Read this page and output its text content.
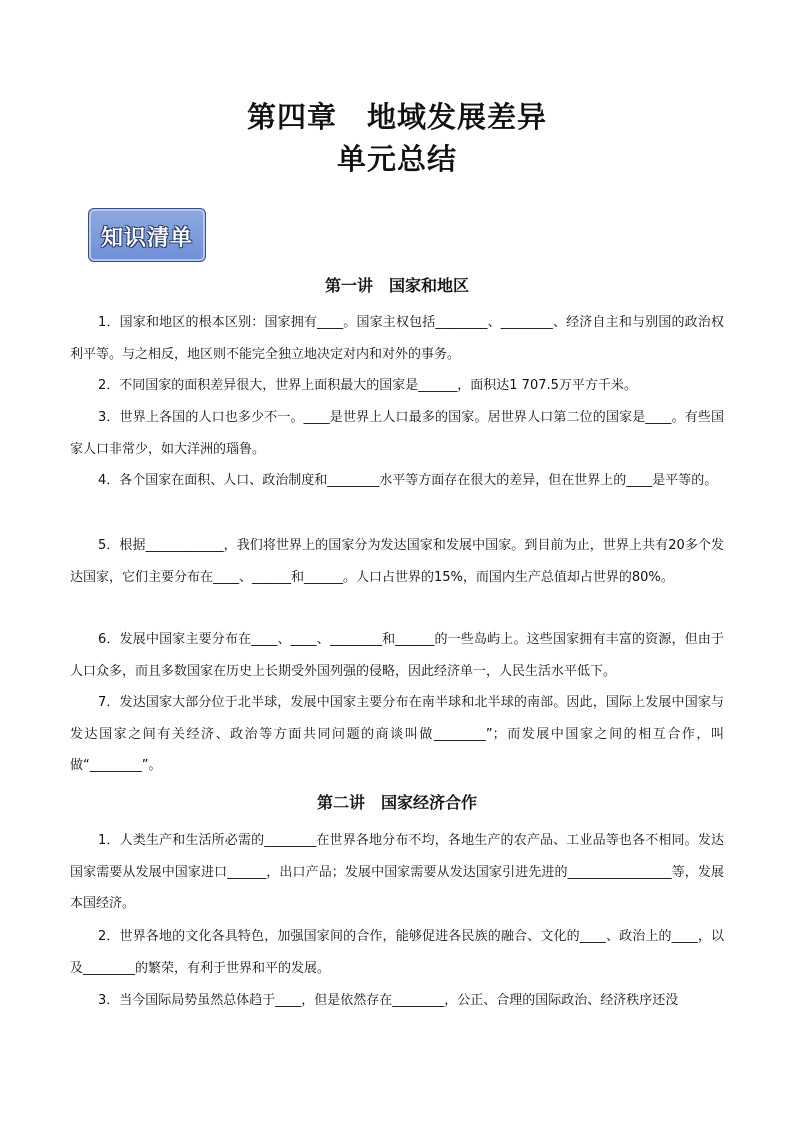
第四章　地域发展差异
单元总结
知识清单
第一讲　国家和地区
1．国家和地区的根本区别：国家拥有____。国家主权包括________、________、经济自主和与别国的政治权利平等。与之相反，地区则不能完全独立地决定对内和对外的事务。
2．不同国家的面积差异很大，世界上面积最大的国家是______，面积达1 707.5万平方千米。
3．世界上各国的人口也多少不一。____是世界上人口最多的国家。居世界人口第二位的国家是____。有些国家人口非常少，如大洋洲的瑙鲁。
4．各个国家在面积、人口、政治制度和________水平等方面存在很大的差异，但在世界上的____是平等的。
5．根据____________，我们将世界上的国家分为发达国家和发展中国家。到目前为止，世界上共有20多个发达国家，它们主要分布在____、______和______。人口占世界的15%，而国内生产总值却占世界的80%。
6．发展中国家主要分布在____、____、________和______的一些岛屿上。这些国家拥有丰富的资源，但由于人口众多，而且多数国家在历史上长期受外国列强的侵略，因此经济单一，人民生活水平低下。
7．发达国家大部分位于北半球，发展中国家主要分布在南半球和北半球的南部。因此，国际上发展中国家与发达国家之间有关经济、政治等方面共同问题的商谈叫做________”；而发展中国家之间的相互合作，叫做“________”。
第二讲　国家经济合作
1．人类生产和生活所必需的________在世界各地分布不均，各地生产的农产品、工业品等也各不相同。发达国家需要从发展中国家进口______，出口产品；发展中国家需要从发达国家引进先进的________________等，发展本国经济。
2．世界各地的文化各具特色，加强国家间的合作，能够促进各民族的融合、文化的____、政治上的____，以及________的繁荣，有利于世界和平的发展。
3．当今国际局势虽然总体趋于____，但是依然存在________，公正、合理的国际政治、经济秩序还没
